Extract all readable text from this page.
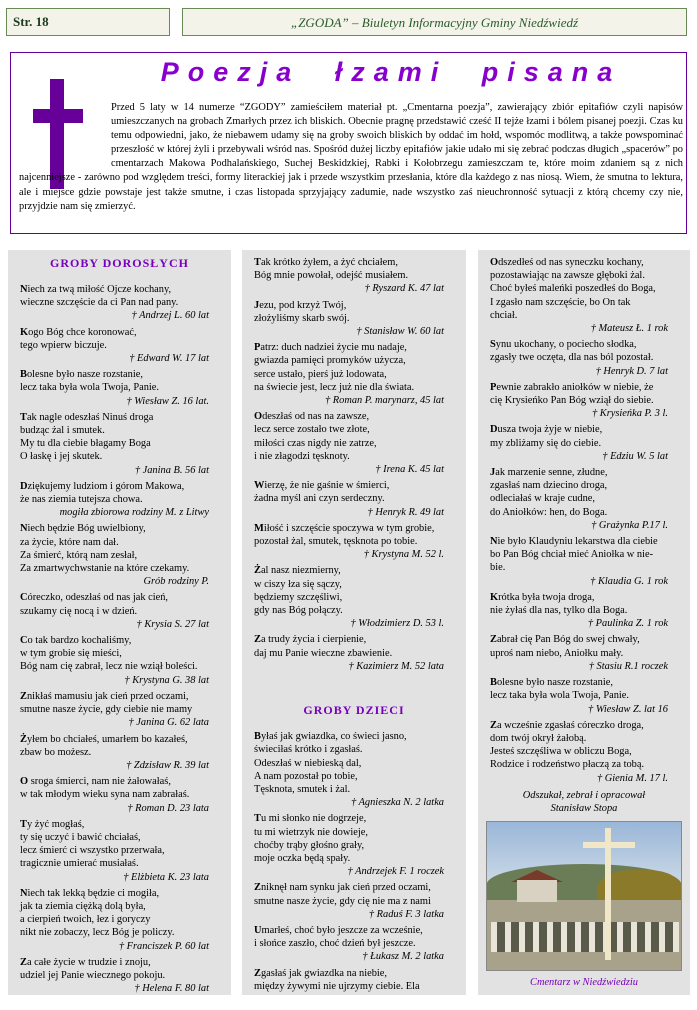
Str. 18	„ZGODA” – Biuletyn Informacyjny Gminy Niedźwiedź
Poezja łzami pisana
Przed 5 laty w 14 numerze “ZGODY” zamieściłem materiał pt. „Cmentarna poezja”, zawierający zbiór epitafiów czyli napisów umieszczanych na grobach Zmarłych przez ich bliskich. Obecnie pragnę przedstawić cześć II tejże łzami i bólem pisanej poezji. Czas ku temu odpowiedni, jako, że niebawem udamy się na groby swoich bliskich by oddać im hołd, wspomóc modlitwą, a także powspominać przeszłość w której żyli i przebywali wśród nas. Spośród dużej liczby epitafiów jakie udało mi się zebrać podczas długich „spacerów” po cmentarzach Makowa Podhalańskiego, Suchej Beskidzkiej, Rabki i Kołobrzegu zamieszczam te, które moim zdaniem są z nich najcenniejsze - zarówno pod względem treści, formy literackiej jak i przede wszystkim przesłania, które dla każdego z nas niosą. Wiem, że smutna to lektura, ale i miejsce gdzie powstaje jest także smutne, i czas listopada sprzyjający zadumie, nade wszystko zaś nieuchronność sytuacji z którą chcemy czy nie, przyjdzie nam się zmierzyć.
GROBY DOROSŁYCH

Niech za twą miłość Ojcze kochany,

wieczne szczęście da ci Pan nad pany.

† Andrzej L. 60 lat

Kogo Bóg chce koronować,

tego wpierw biczuje.

† Edward W. 17 lat

Bolesne było nasze rozstanie,

lecz taka była wola Twoja, Panie.

† Wiesław Z. 16 lat.

Tak nagle odeszłaś Ninuś droga

budząc żal i smutek.

My tu dla ciebie błagamy Boga

O łaskę i jej skutek.

† Janina B. 56 lat

Dziękujemy ludziom i górom Makowa,

że nas ziemia tutejsza chowa.

mogiła zbiorowa rodziny M. z Litwy

Niech będzie Bóg uwielbiony,

za życie, które nam dał.

Za śmierć, którą nam zesłał,

Za zmartwychwstanie na które czekamy.

Grób rodziny P.

Córeczko, odeszłaś od nas jak cień,

szukamy cię nocą i w dzień.

† Krysia S. 27 lat

Co tak bardzo kochaliśmy,

w tym grobie się mieści,

Bóg nam cię zabrał, lecz nie wziął boleści.

† Krystyna G. 38 lat

Znikłaś mamusiu jak cień przed oczami,

smutne nasze życie, gdy ciebie nie mamy

† Janina G. 62 lata

Żyłem bo chciałeś, umarłem bo kazałeś,

zbaw bo możesz.

† Zdzisław R. 39 lat

O sroga śmierci, nam nie żałowałaś,

w tak młodym wieku syna nam zabrałaś.

† Roman D. 23 lata

Ty żyć mogłaś,

ty się uczyć i bawić chciałaś,

lecz śmierć ci wszystko przerwała,

tragicznie umierać musiałaś.

† Elżbieta K. 23 lata

Niech tak lekką będzie ci mogiła,

jak ta ziemia ciężką dolą była,

a cierpień twoich, łez i goryczy

nikt nie zobaczy, lecz Bóg je policzy.

† Franciszek P. 60 lat

Za całe życie w trudzie i znoju,

udziel jej Panie wiecznego pokoju.

† Helena F. 80 lat

Tak krótko żyłem, a żyć chciałem,

Bóg mnie powołał, odejść musiałem.

† Ryszard K. 47 lat

Jezu, pod krzyż Twój,

złożyliśmy skarb swój.

† Stanisław W. 60 lat

Patrz: duch nadziei życie mu nadaje,

gwiazda pamięci promyków użycza,

serce ustało, pierś już lodowata,

na świecie jest, lecz już nie dla świata.

† Roman P. marynarz, 45 lat

Odeszłaś od nas na zawsze,

lecz serce zostało twe złote,

miłości czas nigdy nie zatrze,

i nie złagodzi tęsknoty.

† Irena K. 45 lat

Wierzę, że nie gaśnie w śmierci,

żadna myśl ani czyn serdeczny.

† Henryk R. 49 lat

Miłość i szczęście spoczywa w tym grobie,

pozostał żal, smutek, tęsknota po tobie.

† Krystyna M. 52 l.

Żal nasz niezmierny,

w ciszy łza się sączy,

będziemy szczęśliwi,

gdy nas Bóg połączy.

† Włodzimierz D. 53 l.

Za trudy życia i cierpienie,

daj mu Panie wieczne zbawienie.

† Kazimierz M. 52 lata
GROBY DZIECI

Byłaś jak gwiazdka, co świeci jasno,

świeciłaś krótko i zgasłaś.

Odeszłaś w niebieską dal,

A nam pozostał po tobie,

Tęsknota, smutek i żal.

† Agnieszka N. 2 latka

Tu mi słonko nie dogrzeje,

tu mi wietrzyk nie dowieje,

choćby trąby głośno grały,

moje oczka będą spały.

† Andrzejek F. 1 roczek

Zniknęł nam synku jak cień przed oczami,

smutne nasze życie, gdy cię nie ma z nami

† Raduś F. 3 latka

Umarłeś, choć było jeszcze za wcześnie,

i słońce zaszło, choć dzień był jeszcze.

† Łukasz M. 2 latka

Zgasłaś jak gwiazdka na niebie,

między żywymi nie ujrzymy ciebie. Ela

Odszedłeś od nas syneczku kochany,

pozostawiając na zawsze głęboki żal.

Choć byłeś maleńki poszedłeś do Boga,

I zgasło nam szczęście, bo On tak

chciał.

† Mateusz Ł. 1 rok

Synu ukochany, o pociecho słodka,

zgasły twe oczęta, dla nas ból pozostał.

† Henryk D. 7 lat

Pewnie zabrakło aniołków w niebie, że

cię Krysieńko Pan Bóg wziął do siebie.

† Krysieńka P. 3 l.

Dusza twoja żyje w niebie,

my zbliżamy się do ciebie.

† Edziu W. 5 lat

Jak marzenie senne, złudne,

zgasłaś nam dziecino droga,

odleciałaś w kraje cudne,

do Aniołków: hen, do Boga.

† Grażynka P.17 l.

Nie było Klaudyniu lekarstwa dla ciebie

bo Pan Bóg chciał mieć Aniołka w nie-

bie.

† Klaudia G. 1 rok

Krótka była twoja droga,

nie żyłaś dla nas, tylko dla Boga.

† Paulinka Z. 1 rok

Zabrał cię Pan Bóg do swej chwały,

uproś nam niebo, Aniołku mały.

† Stasiu R.1 roczek

Bolesne było nasze rozstanie,

lecz taka była wola Twoja, Panie.

† Wiesław Z. lat 16

Za wcześnie zgasłaś córeczko droga,

dom twój okrył żałobą.

Jesteś szczęśliwa w obliczu Boga,

Rodzice i rodzeństwo płaczą za tobą.

† Gienia M. 17 l.
Odszukał, zebrał i opracował
Stanisław Stopa
Cmentarz w Niedźwiedziu
